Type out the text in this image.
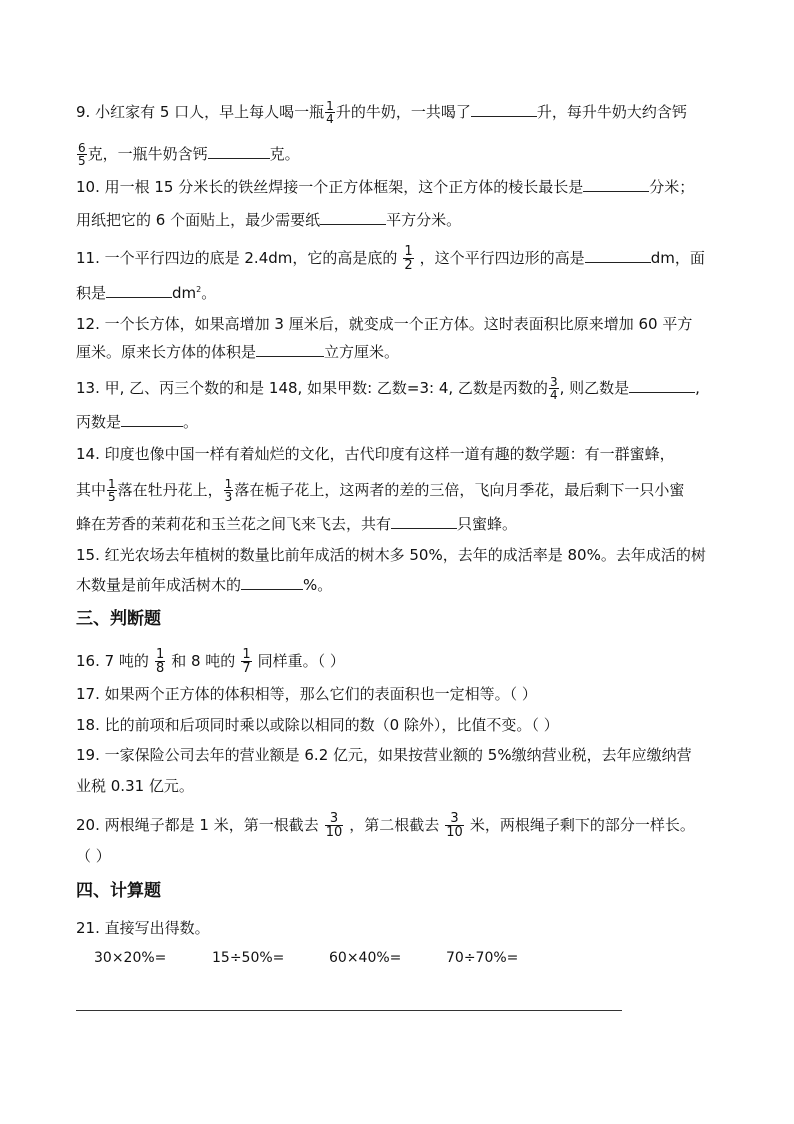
9. 小红家有 5 口人，早上每人喝一瓶 $\frac{1}{4}$ 升的牛奶，一共喝了	升，每升牛奶大约含钙
$\frac{6}{5}$ 克，一瓶牛奶含钙	克。
10. 用一根 15 分米长的铁丝焊接一个正方体框架，这个正方体的棱长最长是	分米；
用纸把它的 6 个面贴上，最少需要纸	平方分米。
11. 一个平行四边的底是 2.4dm，它的高是底的 $\frac{1}{2}$ ，这个平行四边形的高是	dm，面
积是	$dm^2$。
12. 一个长方体，如果高增加 3 厘米后，就变成一个正方体。这时表面积比原来增加 60 平方
厘米。原来长方体的体积是	立方厘米。
13. 甲, 乙、丙三个数的和是 148, 如果甲数: 乙数=3: 4, 乙数是丙数的 $\frac{3}{4}$ , 则乙数是	,
丙数是	。
14. 印度也像中国一样有着灿烂的文化，古代印度有这样一道有趣的数学题：有一群蜜蜂，
其中 $\frac{1}{5}$ 落在牡丹花上， $\frac{1}{3}$ 落在栀子花上，这两者的差的三倍，飞向月季花，最后剩下一只小蜜
蜂在芳香的茉莉花和玉兰花之间飞来飞去，共有	只蜜蜂。
15. 红光农场去年植树的数量比前年成活的树木多 50%，去年的成活率是 80%。去年成活的树
木数量是前年成活树木的	%。
三、判断题
16. 7 吨的 $\frac{1}{8}$ 和 8 吨的 $\frac{1}{7}$ 同样重。（ ）
17. 如果两个正方体的体积相等，那么它们的表面积也一定相等。（ ）
18. 比的前项和后项同时乘以或除以相同的数（0 除外），比值不变。（ ）
19. 一家保险公司去年的营业额是 6.2 亿元，如果按营业额的 5%缴纳营业税，去年应缴纳营
业税 0.31 亿元。
20. 两根绳子都是 1 米，第一根截去 $\frac{3}{10}$ ，第二根截去 $\frac{3}{10}$ 米，两根绳子剩下的部分一样长。
（ ）
四、计算题
21. 直接写出得数。
30×20%=	15÷50%=	60×40%=	70÷70%=
